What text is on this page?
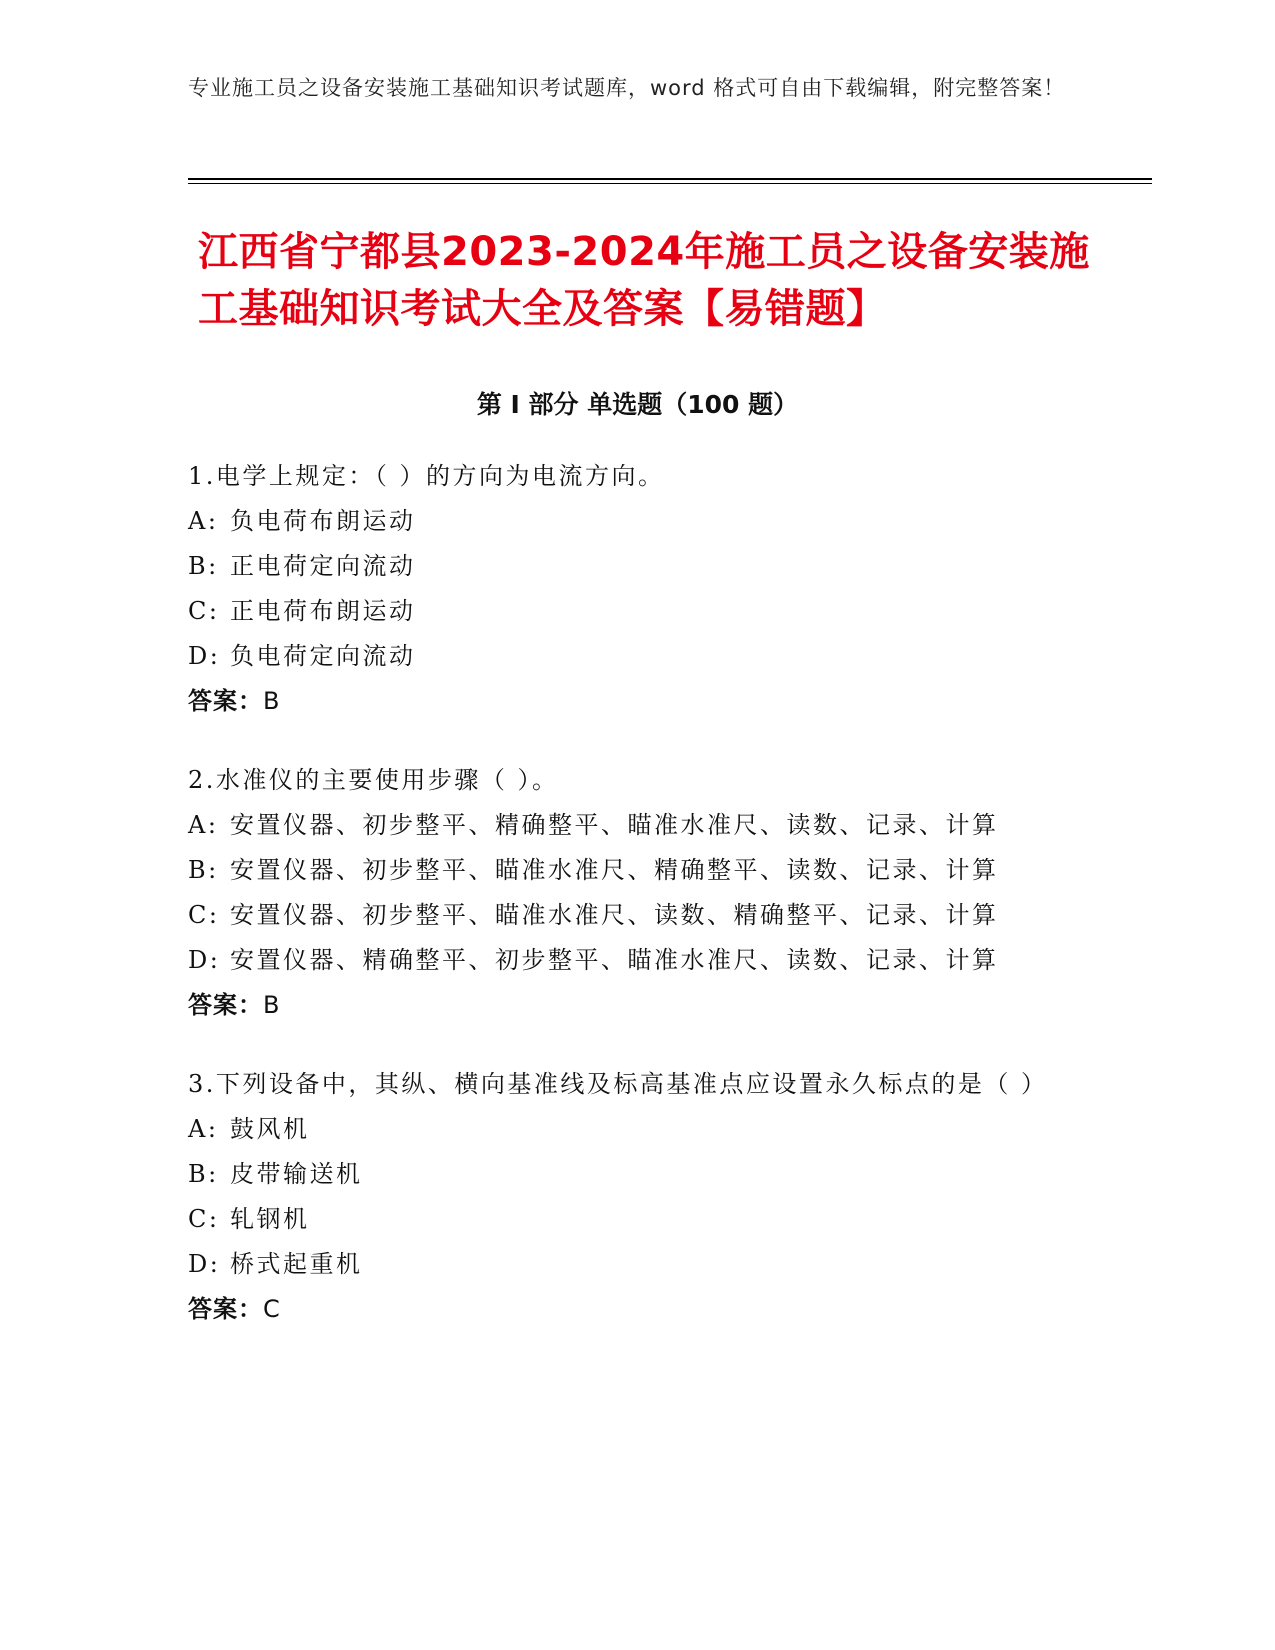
专业施工员之设备安装施工基础知识考试题库，word 格式可自由下载编辑，附完整答案！
江西省宁都县2023-2024年施工员之设备安装施工基础知识考试大全及答案【易错题】
第 I 部分 单选题（100 题）
1.电学上规定：（ ）的方向为电流方向。
A: 负电荷布朗运动
B: 正电荷定向流动
C: 正电荷布朗运动
D: 负电荷定向流动
答案：B
2.水准仪的主要使用步骤（ ）。
A: 安置仪器、初步整平、精确整平、瞄准水准尺、读数、记录、计算
B: 安置仪器、初步整平、瞄准水准尺、精确整平、读数、记录、计算
C: 安置仪器、初步整平、瞄准水准尺、读数、精确整平、记录、计算
D: 安置仪器、精确整平、初步整平、瞄准水准尺、读数、记录、计算
答案：B
3.下列设备中，其纵、横向基准线及标高基准点应设置永久标点的是（ ）
A: 鼓风机
B: 皮带输送机
C: 轧钢机
D: 桥式起重机
答案：C
